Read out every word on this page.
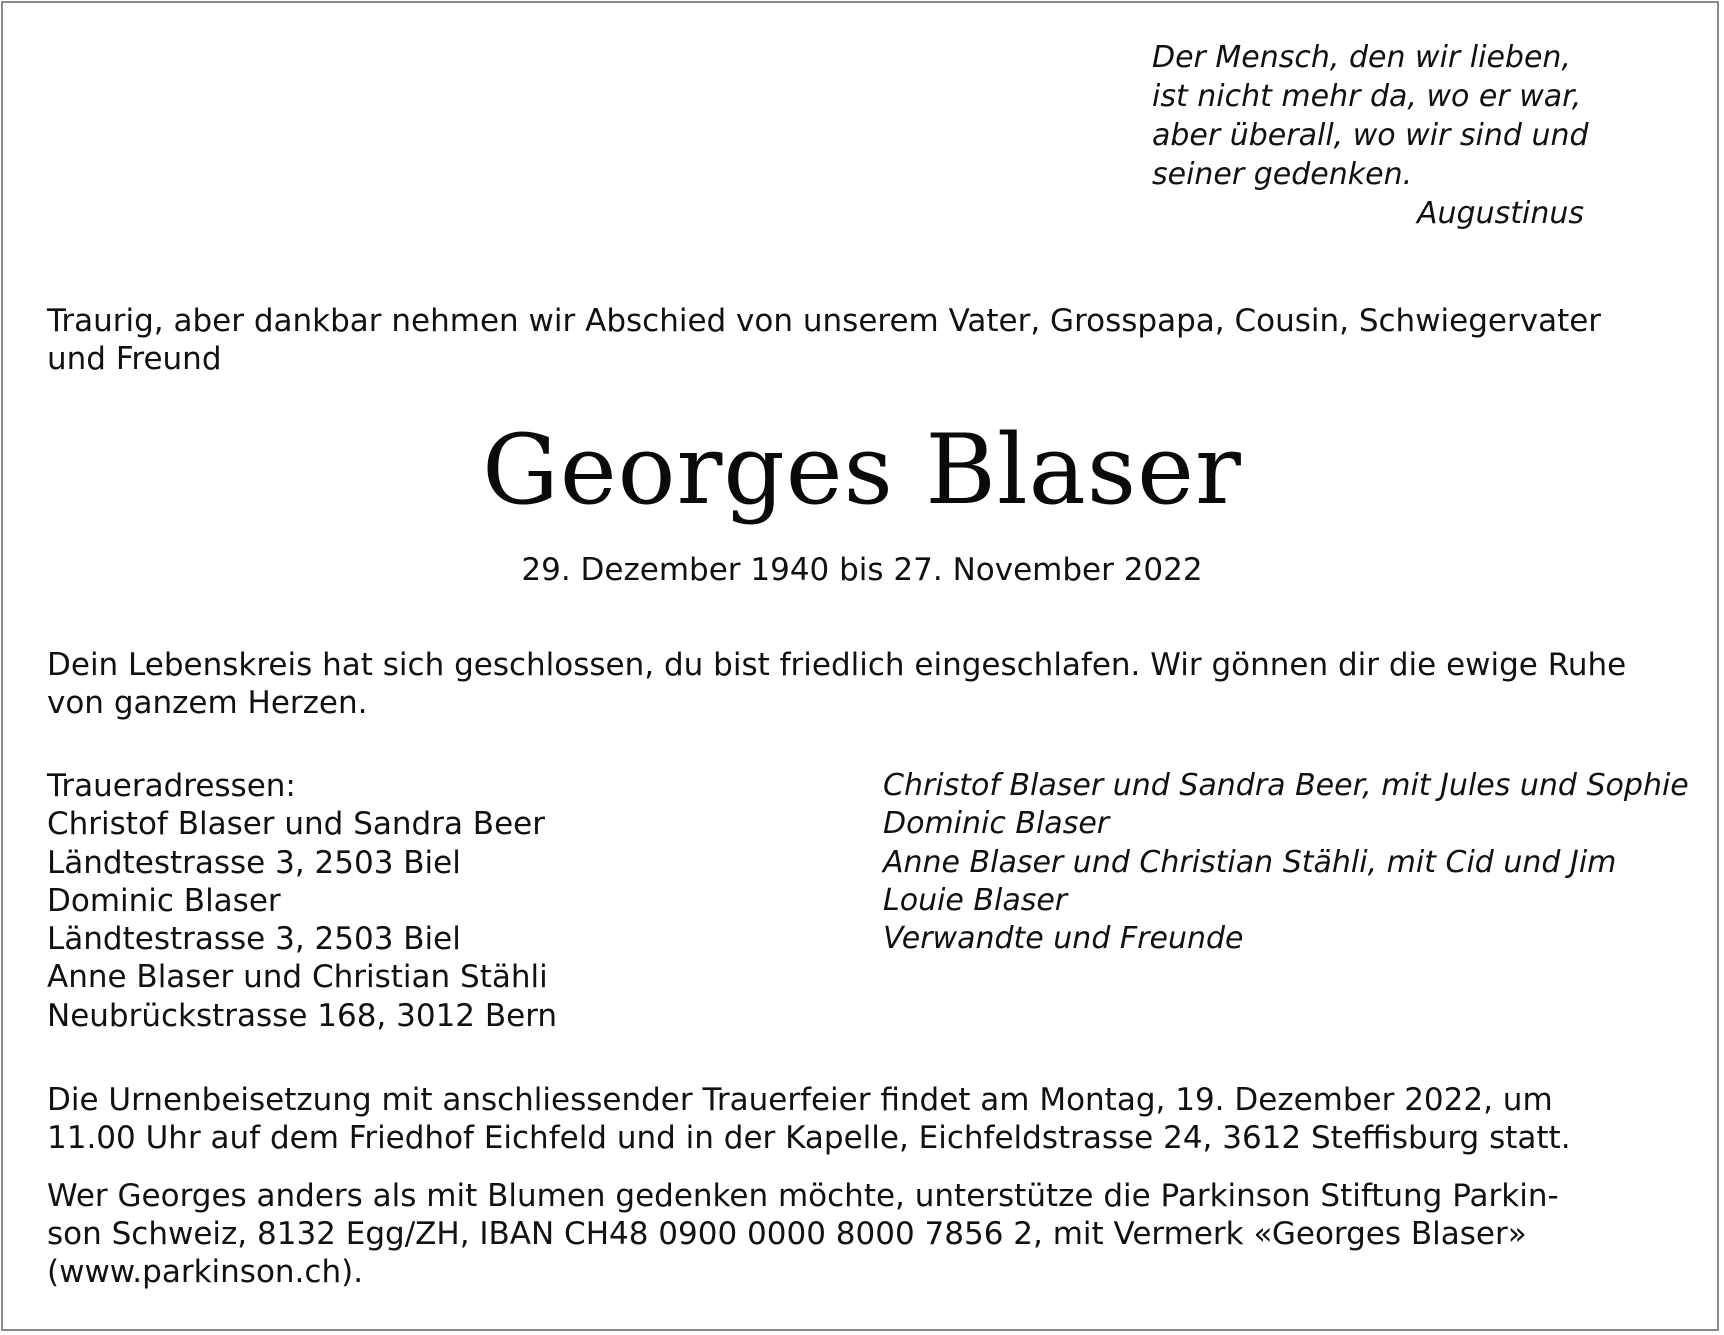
Der Mensch, den wir lieben,
ist nicht mehr da, wo er war,
aber überall, wo wir sind und
seiner gedenken.
Augustinus
Traurig, aber dankbar nehmen wir Abschied von unserem Vater, Grosspapa, Cousin, Schwiegervater
und Freund
Georges Blaser
29. Dezember 1940 bis 27. November 2022
Dein Lebenskreis hat sich geschlossen, du bist friedlich eingeschlafen. Wir gönnen dir die ewige Ruhe
von ganzem Herzen.
Traueradressen:
Christof Blaser und Sandra Beer
Ländtestrasse 3, 2503 Biel
Dominic Blaser
Ländtestrasse 3, 2503 Biel
Anne Blaser und Christian Stähli
Neubrückstrasse 168, 3012 Bern
Christof Blaser und Sandra Beer, mit Jules und Sophie
Dominic Blaser
Anne Blaser und Christian Stähli, mit Cid und Jim
Louie Blaser
Verwandte und Freunde
Die Urnenbeisetzung mit anschliessender Trauerfeier findet am Montag, 19. Dezember 2022, um
11.00 Uhr auf dem Friedhof Eichfeld und in der Kapelle, Eichfeldstrasse 24, 3612 Steffisburg statt.
Wer Georges anders als mit Blumen gedenken möchte, unterstütze die Parkinson Stiftung Parkin-
son Schweiz, 8132 Egg/ZH, IBAN CH48 0900 0000 8000 7856 2, mit Vermerk «Georges Blaser»
(www.parkinson.ch).
